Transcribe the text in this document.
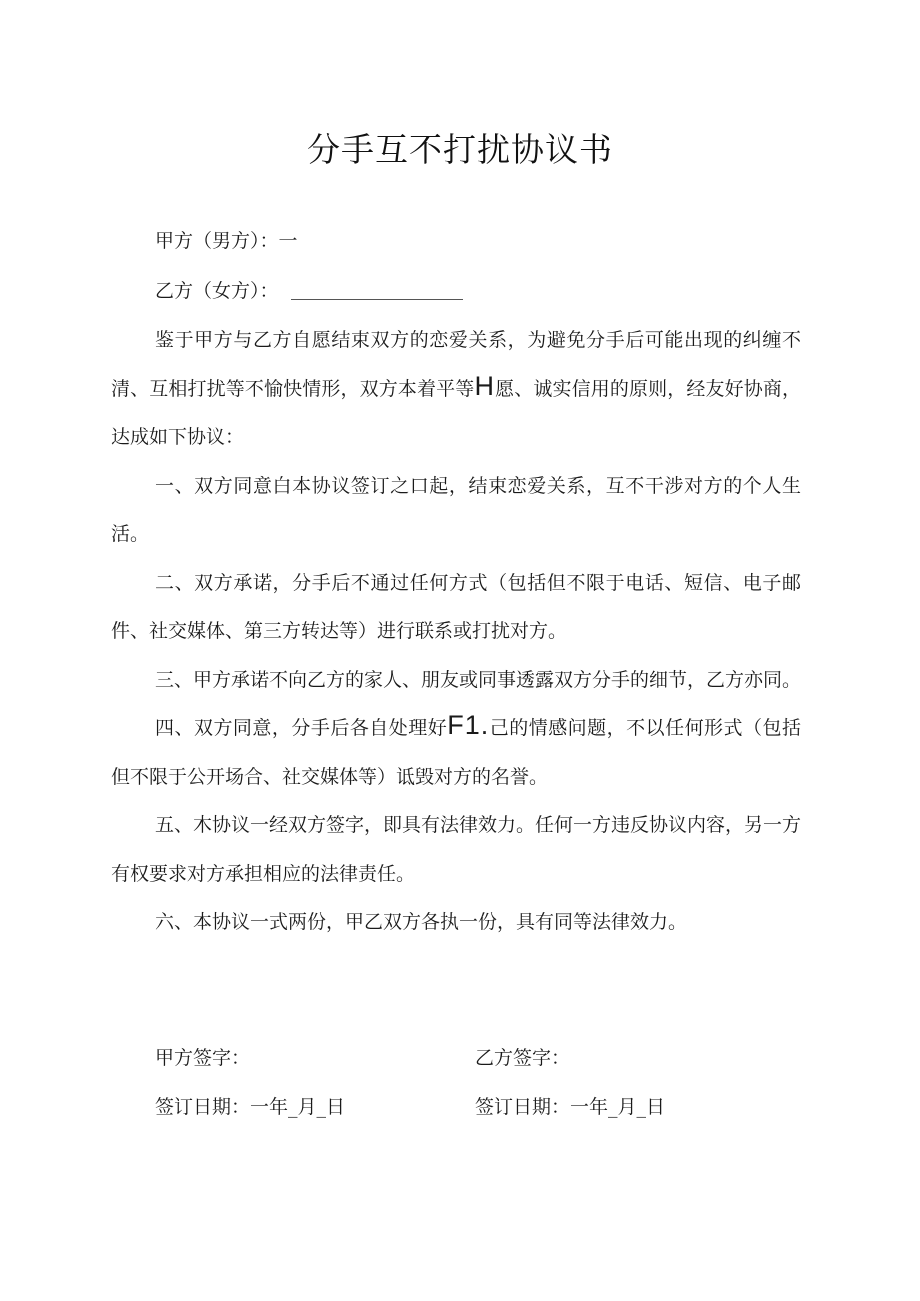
分手互不打扰协议书
甲方（男方）：一
乙方（女方）：

鉴于甲方与乙方自愿结束双方的恋爱关系，为避免分手后可能出现的纠缠不清、互相打扰等不愉快情形，双方本着平等H愿、诚实信用的原则，经友好协商，达成如下协议：

一、双方同意白本协议签订之口起，结束恋爱关系，互不干涉对方的个人生活。

二、双方承诺，分手后不通过任何方式（包括但不限于电话、短信、电子邮件、社交媒体、第三方转达等）进行联系或打扰对方。

三、甲方承诺不向乙方的家人、朋友或同事透露双方分手的细节，乙方亦同。

四、双方同意，分手后各自处理好F1.己的情感问题，不以任何形式（包括但不限于公开场合、社交媒体等）诋毁对方的名誉。

五、木协议一经双方签字，即具有法律效力。任何一方违反协议内容，另一方有权要求对方承担相应的法律责任。

六、本协议一式两份，甲乙双方各执一份，具有同等法律效力。

甲方签字：	乙方签字：
签订日期：一年_月_日	签订日期：一年_月_日
